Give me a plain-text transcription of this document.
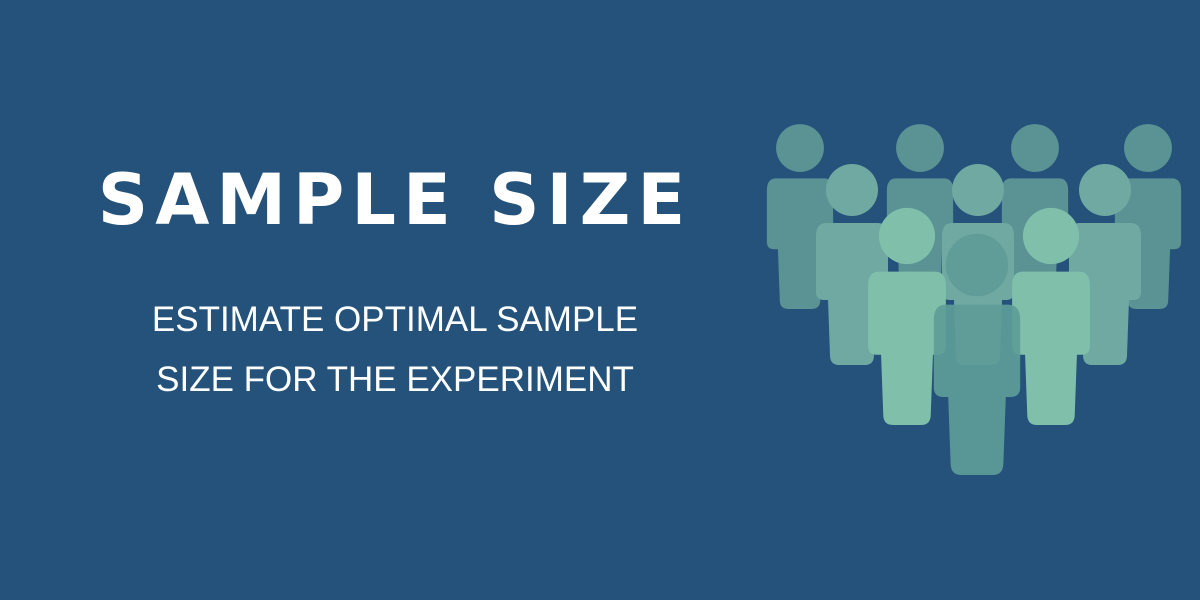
SAMPLE SIZE

ESTIMATE OPTIMAL SAMPLE
SIZE FOR THE EXPERIMENT
